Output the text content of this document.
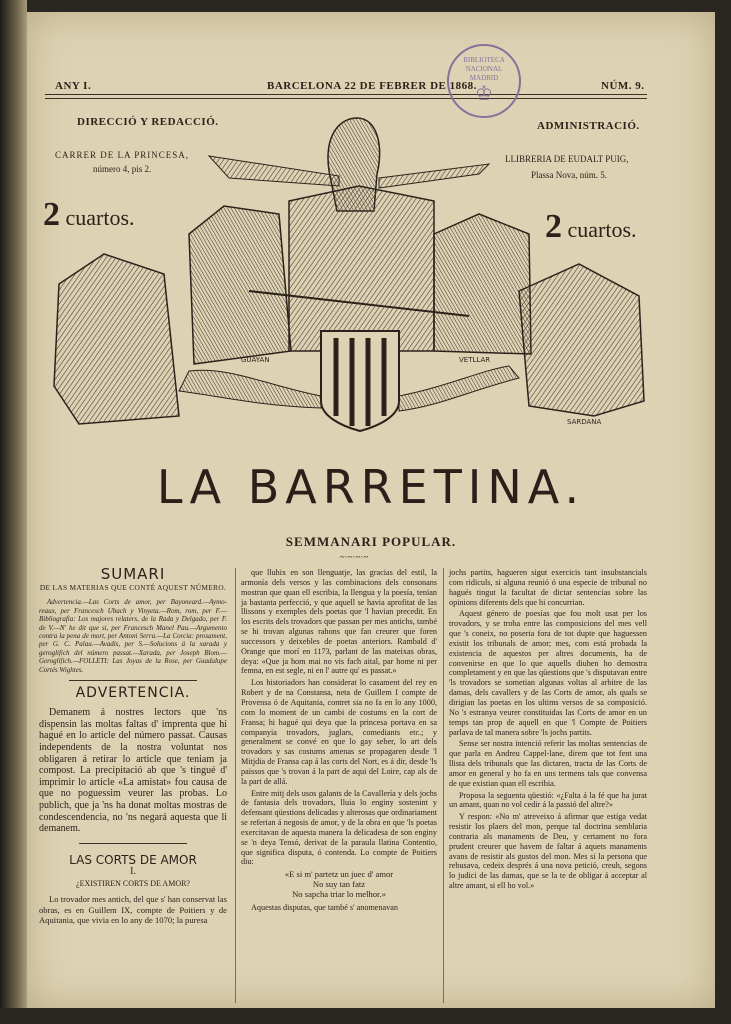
ANY I.	BARCELONA 22 DE FEBRER DE 1868.	NÚM. 9.
BIBLIOTECA NACIONAL MADRID
♔
DIRECCIÓ Y REDACCIÓ.
CARRER DE LA PRINCESA,
número 4, pis 2.
2 cuartos.
ADMINISTRACIÓ.
LLIBRERIA DE EUDALT PUIG,
Plassa Nova, núm. 5.
2 cuartos.
GUAYAN	VETLLAR
SARDANA
LA BARRETINA.
SEMMANARI POPULAR.
~·~·~·~
SUMARI
DE LAS MATERIAS QUE CONTÉ AQUEST NÚMERO.
Advertencia.—Las Corts de amor, per Bayoneard.—Aymo-reaux, per Francesch Ubach y Vinyeta.—Rom, rom, per F.—Bibliografia: Los majores relaters, de la Rada y Delgado, per F. de V.—N' he dit que si, per Francesch Manel Pau.—Argumento contra la pena de mort, per Antoni Serra.—La Corcia: prosament, per G. C. Palau.—Avadis, per S.—Solucions á la xarada y geroglifich del número passat.—Xarada, per Joseph Blom.—Geroglifich.—FOLLETI: Las Joyas de la Rose, per Guadalupe Cortés Wightes.
ADVERTENCIA.
Demanem á nostres lectors que 'ns dispensin las moltas faltas d' imprenta que hi hagué en lo article del número passat. Causas independents de la nostra voluntat nos obligaren á retirar lo article que teniam ja compost. La precipitació ab que 's tingué d' imprimir lo article «La amistat» fou causa de que no poguessim veurer las probas. Lo publich, que ja 'ns ha donat moltas mostras de condescendencia, no 'ns negará aquesta que li demanem.
LAS CORTS DE AMOR
I.
¿EXISTIREN CORTS DE AMOR?
Lo trovador mes antich, del que s' han conservat las obras, es en Guillem IX, compte de Poitiers y de Aquitania, que vivia en lo any de 1070; la puresa

que lluhix en son llenguatje, las gracias del estil, la armonía dels versos y las combinacions dels consonans mostran que quan ell escribia, la llengua y la poesía, tenian ja bastanta perfecció, y que aquell se havia aprofitat de las llissons y exemples dels poetas que 'l havian precedit. En los escrits dels trovadors que passan per mes antichs, també se hi trovan algunas rahons que fan creurer que foren successors y deixebles de poetas anteriors. Rambald d' Orange que morí en 1173, parlant de las mateixas obras, deya: «Que ja hom mai no vis fach aital, par home ni per femna, en est segle, ni en l' autre qu' es passat.»

Los historiadors han considerat lo casament del rey en Robert y de na Constansa, neta de Guillem I compte de Provensa ó de Aquitania, contret sia no fa en lo any 1000, com lo moment de un cambi de costums en la cort de Fransa; hi hagué qui deya que la princesa portava en sa companyia trovadors, juglars, comediants etc.; y generalment se convé en que lo gay seber, lo art dels trovadors y sas costums amenas se propagaren desde 'l Mitjdia de Fransa cap á las corts del Nort, es á dir, desde 'ls paissos que 's trovan á la part de aqui del Loire, cap als de la part de allá.

Entre mitj dels usos galants de la Cavallería y dels jochs de fantasia dels trovadors, lluia lo enginy sostenint y defensant qüestions delicadas y alterosas que ordinariament se referian á negosis de amor, y de la obra en que 'ls poetas exercitavan de aquesta manera la delicadesa de son enginy se 'n deya Tensó, derivat de la paraula llatina Contentio, que significa disputa, ó contenda. Lo compte de Poitiers diu:

«E si m' partetz un juec d' amor
No suy tan fatz
No sapcha triar lo melhor.»

Aquestas disputas, que també s' anomenavan

jochs partits, hagueren sigut exercicis tant insubstancials com ridiculs, si alguna reunió ó una especie de tribunal no hagués tingut la facultat de dictar sentencias sobre las opinions diferents dels que hi concurrian.

Aquest género de poesías que fou molt usat per los trovadors, y se troba entre las composicions del mes vell que 's coneix, no poseria fora de tot dupte que haguessen existit los tribunals de amor; mes, com está probada la existencia de aquestos per altres documents, ha de convenirse en que lo que aquells diuhen ho demostra completament y en que las qüestions que 's disputavan entre 'ls trovadors se sometian algunas voltas al arbitre de las damas, dels cavallers y de las Corts de amor, als quals se dirigian las poetas en los ultims versos de sa composició. No 's estranya veurer constituidas las Corts de amor en un temps tan prop de aquell en que 'l Compte de Poitiers parlava de tal manera sobre 'ls jochs partits.

Sense ser nostra intenció referir las moltas sentencias de que parla en Andreu Cappel-lane, direm que tot fent una llista dels tribunals que las dictaren, tracta de las Corts de amor en general y ho fa en uns termens tals que convensa de que existian quan ell escribia.

Proposa la seguenta qüestió: «¿Falta á la fé que ha jurat un amant, quan no vol cedir á la passió del altre?»

Y respon: «No m' atreveixo á afirmar que estiga vedat resistir los plaers del mon, perque tal doctrina semblaria contraria als manaments de Deu, y certament no fora prudent creurer que havem de faltar á aquets manaments avans de resistir als gustos del mon. Mes si la persona que rebusava, cedeix després á una nova petició, creuh, segons lo judici de las damas, que se la te de obligar á acceptar al altre amant, si ell ho vol.»
